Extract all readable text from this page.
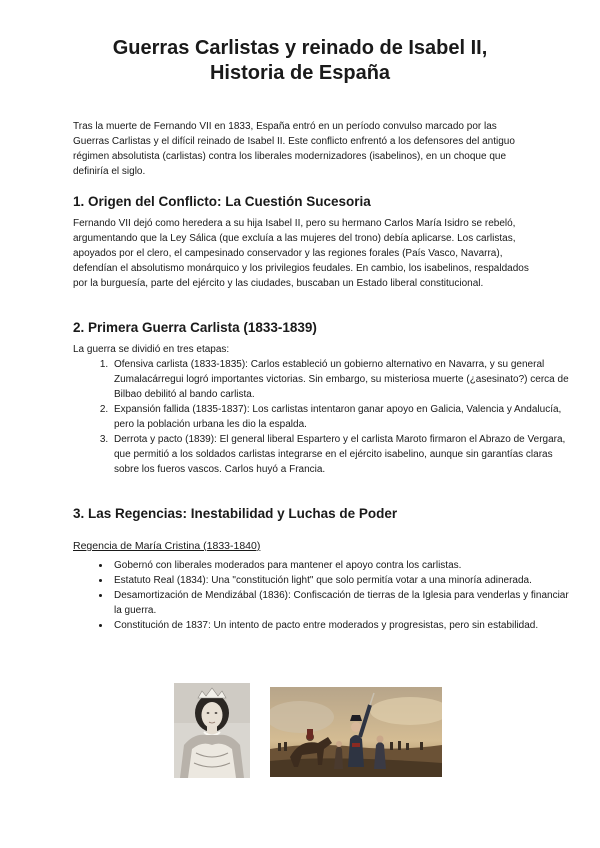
Guerras Carlistas y reinado de Isabel II,
Historia de España

Tras la muerte de Fernando VII en 1833, España entró en un período convulso marcado por las Guerras Carlistas y el difícil reinado de Isabel II. Este conflicto enfrentó a los defensores del antiguo régimen absolutista (carlistas) contra los liberales modernizadores (isabelinos), en un choque que definiría el siglo.

1. Origen del Conflicto: La Cuestión Sucesoria

Fernando VII dejó como heredera a su hija Isabel II, pero su hermano Carlos María Isidro se rebeló, argumentando que la Ley Sálica (que excluía a las mujeres del trono) debía aplicarse. Los carlistas, apoyados por el clero, el campesinado conservador y las regiones forales (País Vasco, Navarra), defendían el absolutismo monárquico y los privilegios feudales. En cambio, los isabelinos, respaldados por la burguesía, parte del ejército y las ciudades, buscaban un Estado liberal constitucional.

2. Primera Guerra Carlista (1833-1839)

La guerra se dividió en tres etapas:

1. Ofensiva carlista (1833-1835): Carlos estableció un gobierno alternativo en Navarra, y su general Zumalacárregui logró importantes victorias. Sin embargo, su misteriosa muerte (¿asesinato?) cerca de Bilbao debilitó al bando carlista.
2. Expansión fallida (1835-1837): Los carlistas intentaron ganar apoyo en Galicia, Valencia y Andalucía, pero la población urbana les dio la espalda.
3. Derrota y pacto (1839): El general liberal Espartero y el carlista Maroto firmaron el Abrazo de Vergara, que permitió a los soldados carlistas integrarse en el ejército isabelino, aunque sin garantías claras sobre los fueros vascos. Carlos huyó a Francia.
3. Las Regencias: Inestabilidad y Luchas de Poder

Regencia de María Cristina (1833-1840)

• Gobernó con liberales moderados para mantener el apoyo contra los carlistas.
• Estatuto Real (1834): Una "constitución light" que solo permitía votar a una minoría adinerada.
• Desamortización de Mendizábal (1836): Confiscación de tierras de la Iglesia para venderlas y financiar la guerra.
• Constitución de 1837: Un intento de pacto entre moderados y progresistas, pero sin estabilidad.
